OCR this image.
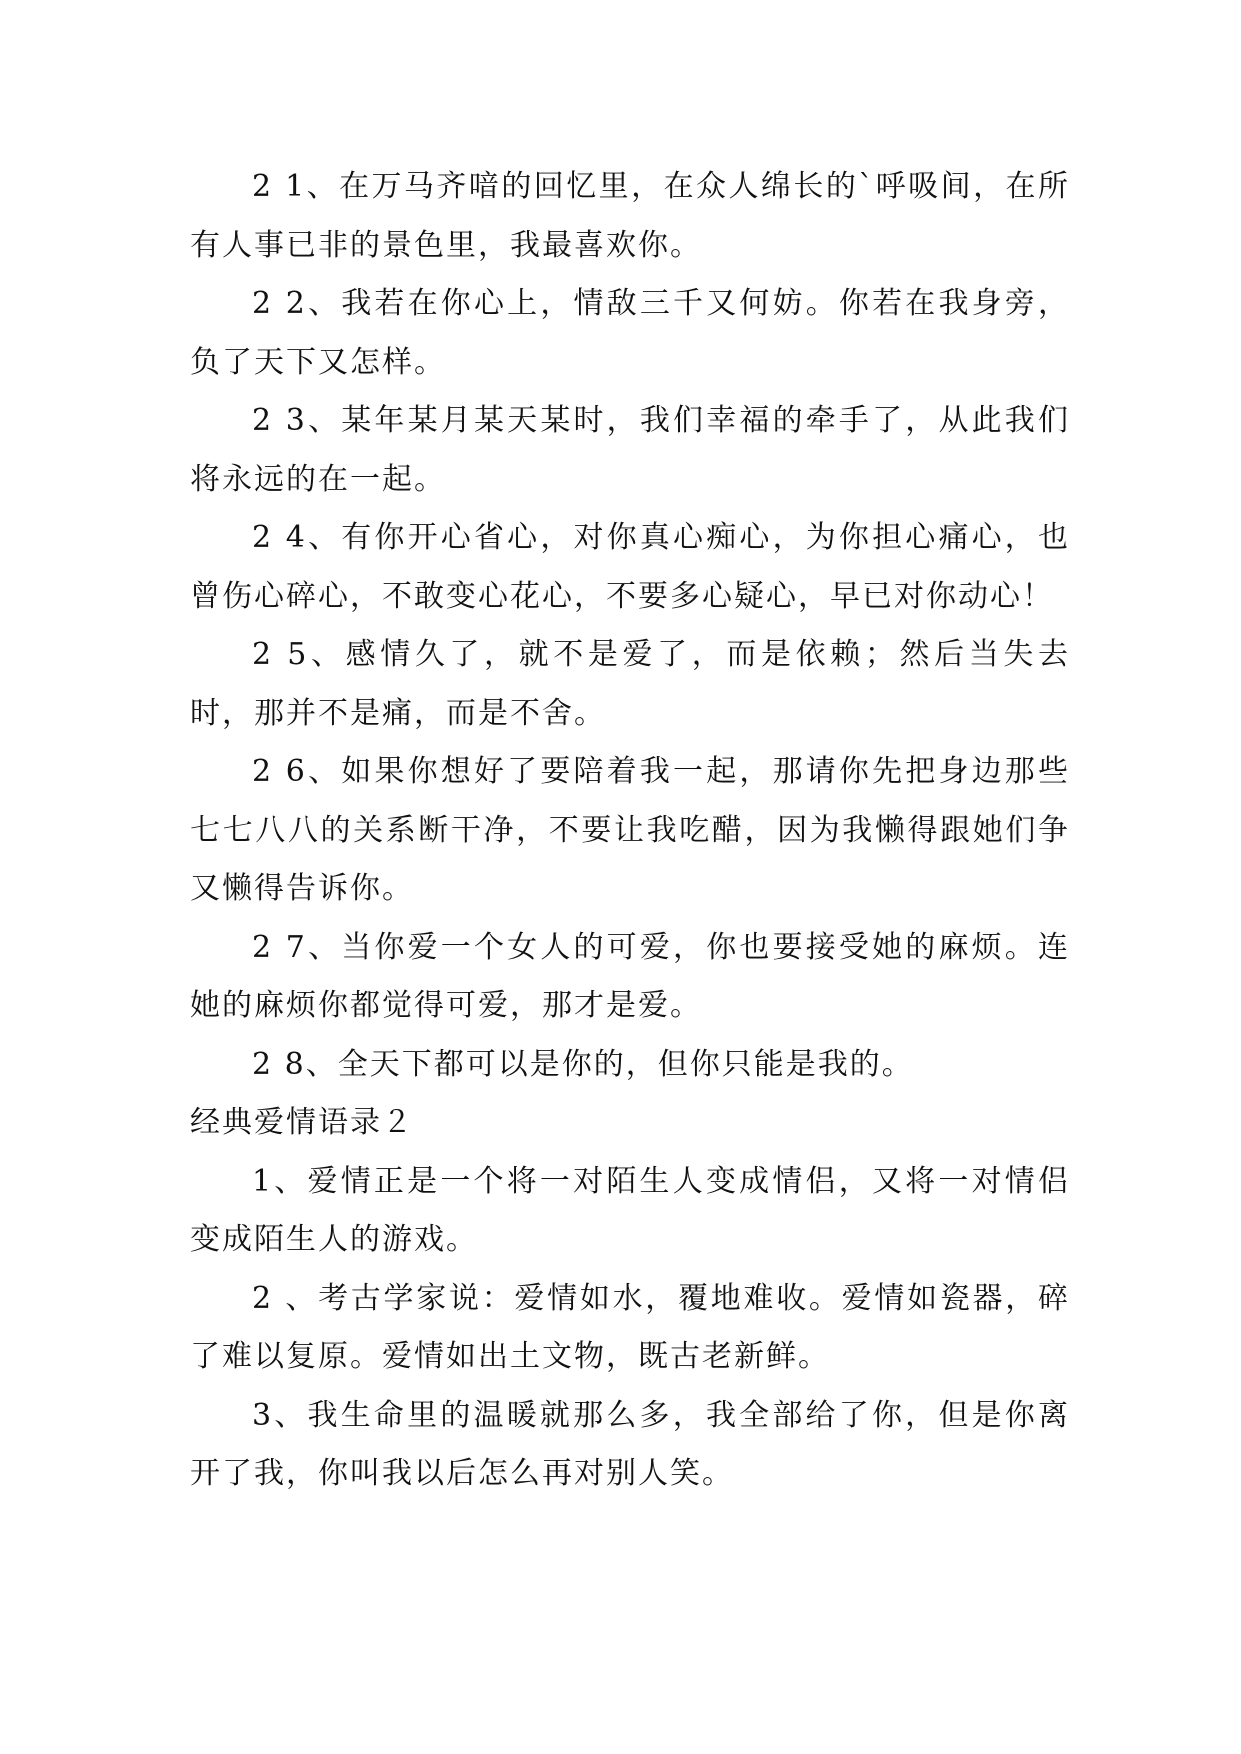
2 1、在万马齐喑的回忆里，在众人绵长的`呼吸间，在所有人事已非的景色里，我最喜欢你。

2 2、我若在你心上，情敌三千又何妨。你若在我身旁，负了天下又怎样。

2 3、某年某月某天某时，我们幸福的牵手了，从此我们将永远的在一起。

2 4、有你开心省心，对你真心痴心，为你担心痛心，也曾伤心碎心，不敢变心花心，不要多心疑心，早已对你动心！

2 5、感情久了，就不是爱了，而是依赖；然后当失去时，那并不是痛，而是不舍。

2 6、如果你想好了要陪着我一起，那请你先把身边那些七七八八的关系断干净，不要让我吃醋，因为我懒得跟她们争又懒得告诉你。

2 7、当你爱一个女人的可爱，你也要接受她的麻烦。连她的麻烦你都觉得可爱，那才是爱。

2 8、全天下都可以是你的，但你只能是我的。

经典爱情语录２

1、爱情正是一个将一对陌生人变成情侣，又将一对情侣变成陌生人的游戏。

2 、考古学家说：爱情如水，覆地难收。爱情如瓷器，碎了难以复原。爱情如出土文物，既古老新鲜。

3、我生命里的温暖就那么多，我全部给了你，但是你离开了我，你叫我以后怎么再对别人笑。
